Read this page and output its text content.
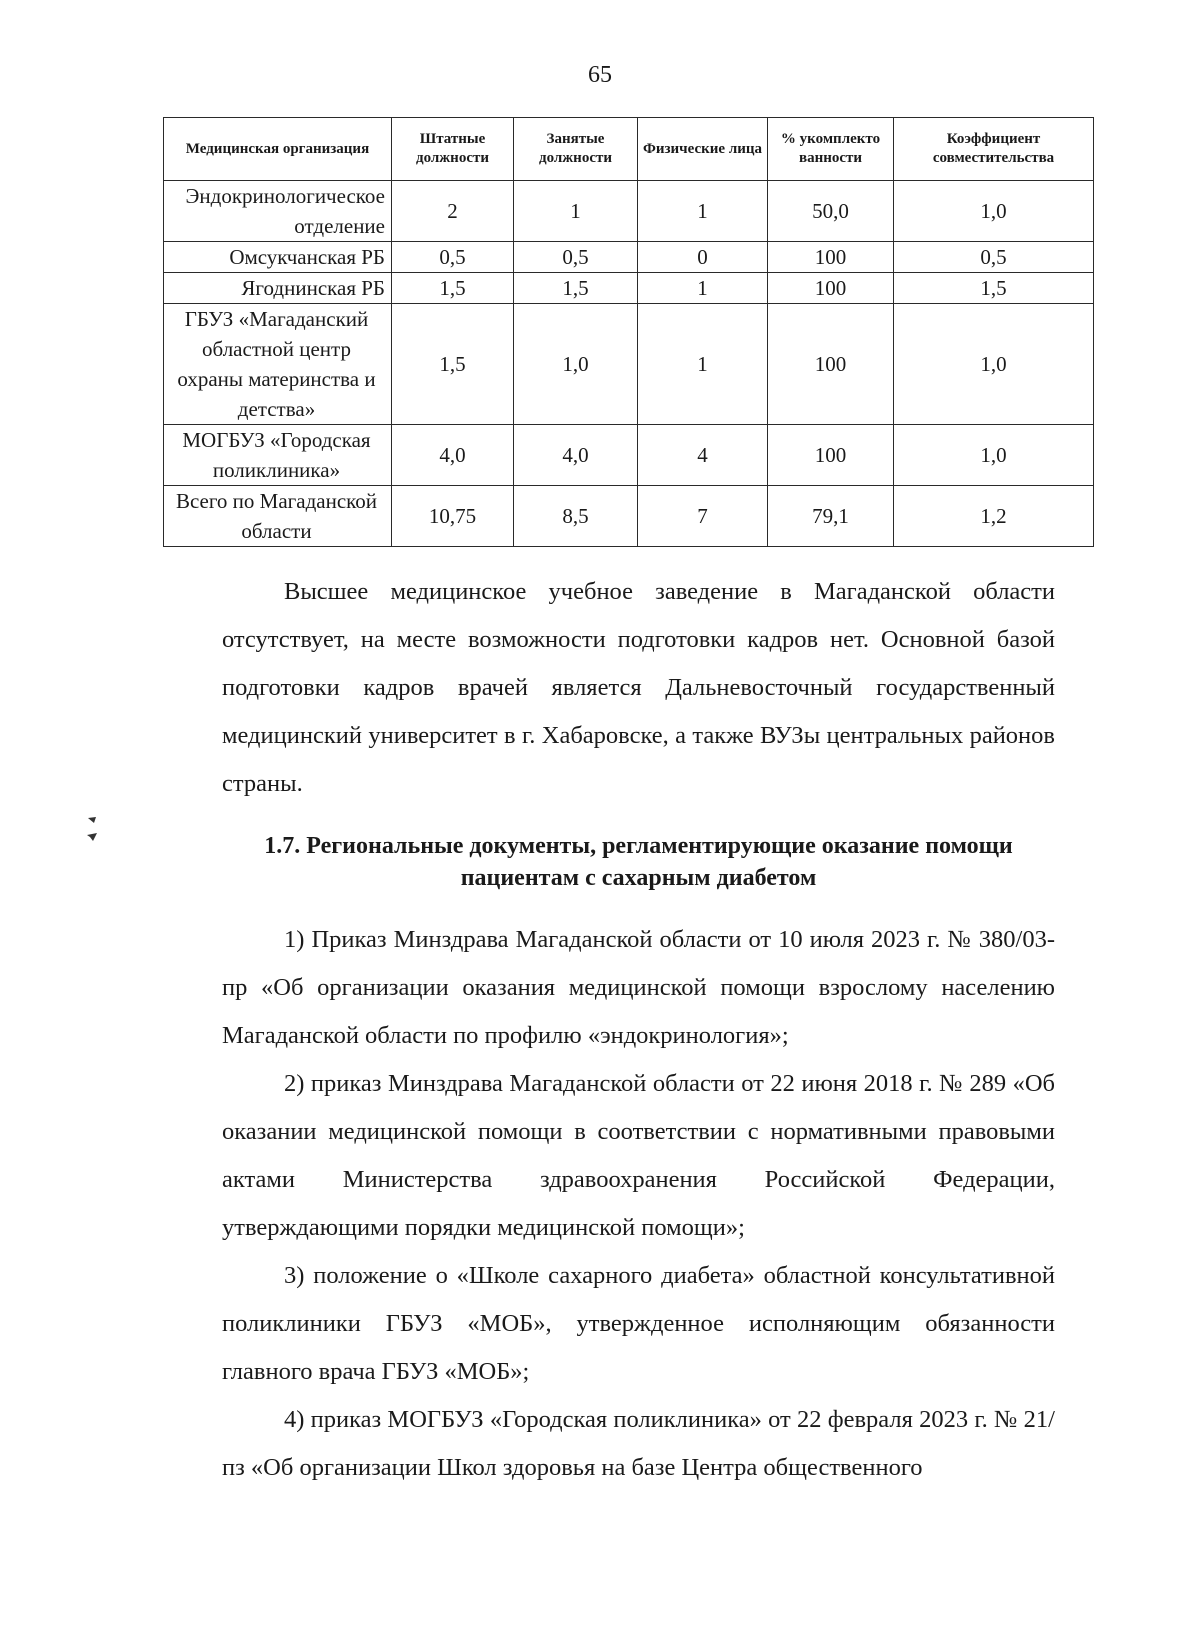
65
Медицинская организация	Штатные должности	Занятые должности	Физические лица	% укомплекто ванности	Коэффициент совместительства
Эндокринологическое отделение	2	1	1	50,0	1,0
Омсукчанская РБ	0,5	0,5	0	100	0,5
Ягоднинская РБ	1,5	1,5	1	100	1,5
ГБУЗ «Магаданский областной центр охраны материнства и детства»	1,5	1,0	1	100	1,0
МОГБУЗ «Городская поликлиника»	4,0	4,0	4	100	1,0
Всего по Магаданской области	10,75	8,5	7	79,1	1,2

Высшее медицинское учебное заведение в Магаданской области отсутствует, на месте возможности подготовки кадров нет. Основной базой подготовки кадров врачей является Дальневосточный государственный медицинский университет в г. Хабаровске, а также ВУЗы центральных районов страны.

1.7. Региональные документы, регламентирующие оказание помощи
пациентам с сахарным диабетом

1) Приказ Минздрава Магаданской области от 10 июля 2023 г. № 380/03-пр «Об организации оказания медицинской помощи взрослому населению Магаданской области по профилю «эндокринология»;

2) приказ Минздрава Магаданской области от 22 июня 2018 г. № 289 «Об оказании медицинской помощи в соответствии с нормативными правовыми актами Министерства здравоохранения Российской Федерации, утверждающими порядки медицинской помощи»;

3) положение о «Школе сахарного диабета» областной консультативной поликлиники ГБУЗ «МОБ», утвержденное исполняющим обязанности главного врача ГБУЗ «МОБ»;

4) приказ МОГБУЗ «Городская поликлиника» от 22 февраля 2023 г. № 21/пз «Об организации Школ здоровья на базе Центра общественного
